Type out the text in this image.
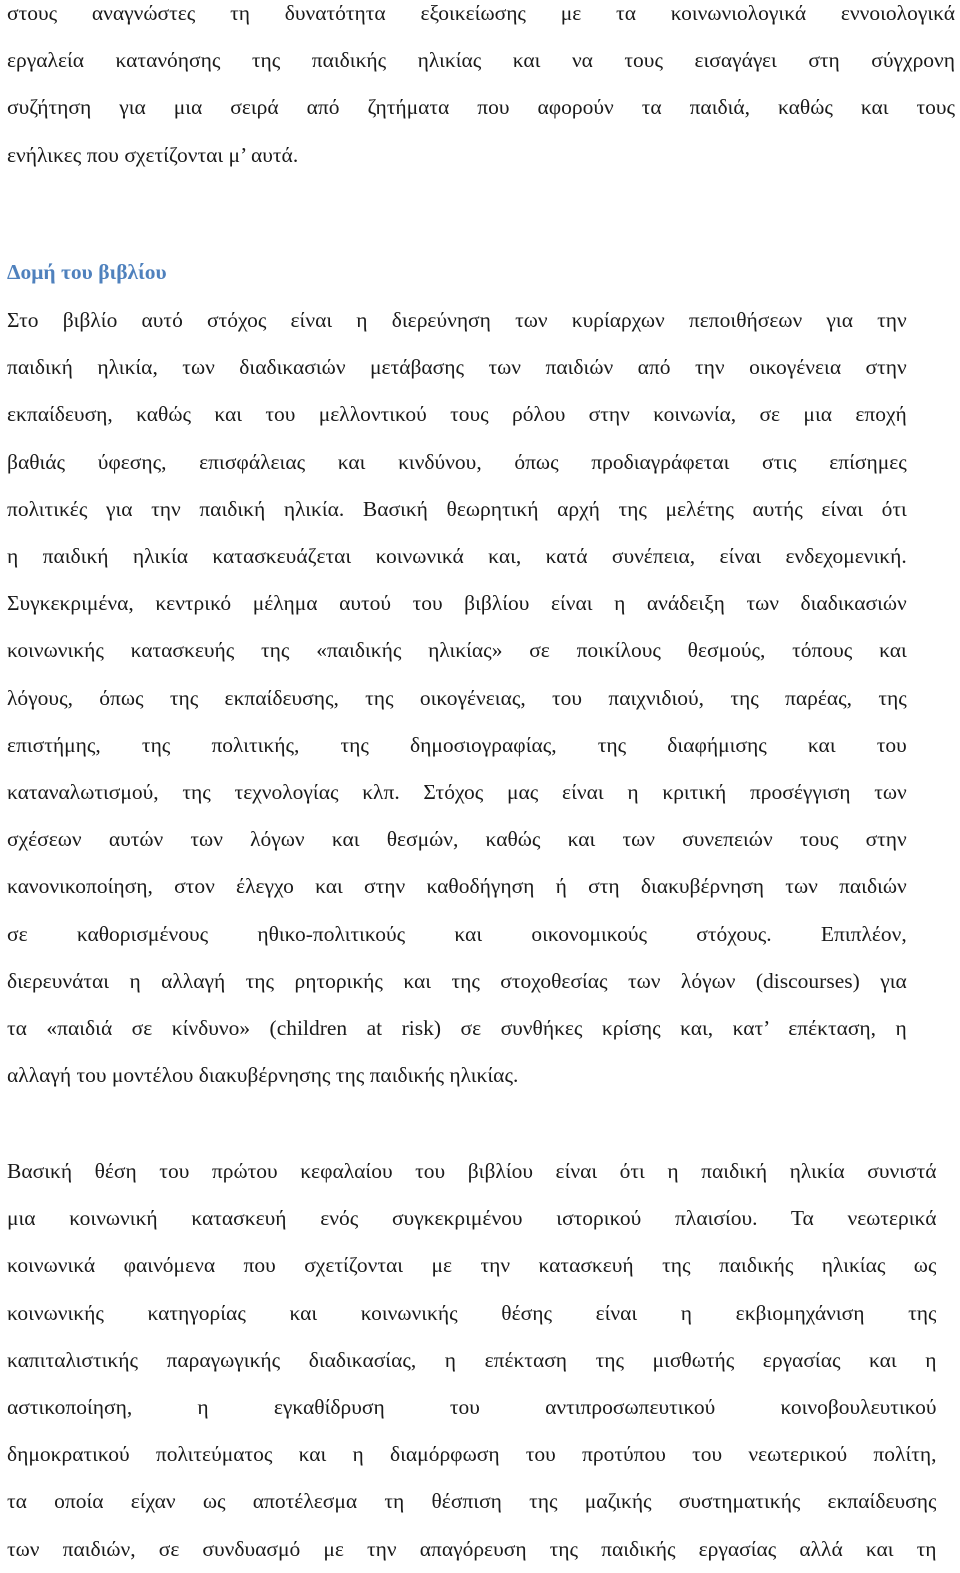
στους αναγνώστες τη δυνατότητα εξοικείωσης με τα κοινωνιολογικά εννοιολογικά
εργαλεία κατανόησης της παιδικής ηλικίας και να τους εισαγάγει στη σύγχρονη
συζήτηση για μια σειρά από ζητήματα που αφορούν τα παιδιά, καθώς και τους
ενήλικες που σχετίζονται μ’ αυτά.
Δομή του βιβλίου
Στο βιβλίο αυτό στόχος είναι η διερεύνηση των κυρίαρχων πεποιθήσεων για την
παιδική ηλικία, των διαδικασιών μετάβασης των παιδιών από την οικογένεια στην
εκπαίδευση, καθώς και του μελλοντικού τους ρόλου στην κοινωνία, σε μια εποχή
βαθιάς ύφεσης, επισφάλειας και κινδύνου, όπως προδιαγράφεται στις επίσημες
πολιτικές για την παιδική ηλικία. Βασική θεωρητική αρχή της μελέτης αυτής είναι ότι
η παιδική ηλικία κατασκευάζεται κοινωνικά και, κατά συνέπεια, είναι ενδεχομενική.
Συγκεκριμένα, κεντρικό μέλημα αυτού του βιβλίου είναι η ανάδειξη των διαδικασιών
κοινωνικής κατασκευής της «παιδικής ηλικίας» σε ποικίλους θεσμούς, τόπους και
λόγους, όπως της εκπαίδευσης, της οικογένειας, του παιχνιδιού, της παρέας, της
επιστήμης, της πολιτικής, της δημοσιογραφίας, της διαφήμισης και του
καταναλωτισμού, της τεχνολογίας κλπ. Στόχος μας είναι η κριτική προσέγγιση των
σχέσεων αυτών των λόγων και θεσμών, καθώς και των συνεπειών τους στην
κανονικοποίηση, στον έλεγχο και στην καθοδήγηση ή στη διακυβέρνηση των παιδιών
σε καθορισμένους ηθικο-πολιτικούς και οικονομικούς στόχους. Επιπλέον,
διερευνάται η αλλαγή της ρητορικής και της στοχοθεσίας των λόγων (discourses) για
τα «παιδιά σε κίνδυνο» (children at risk) σε συνθήκες κρίσης και, κατ’ επέκταση, η
αλλαγή του μοντέλου διακυβέρνησης της παιδικής ηλικίας.
Βασική θέση του πρώτου κεφαλαίου του βιβλίου είναι ότι η παιδική ηλικία συνιστά
μια κοινωνική κατασκευή ενός συγκεκριμένου ιστορικού πλαισίου. Τα νεωτερικά
κοινωνικά φαινόμενα που σχετίζονται με την κατασκευή της παιδικής ηλικίας ως
κοινωνικής κατηγορίας και κοινωνικής θέσης είναι η εκβιομηχάνιση της
καπιταλιστικής παραγωγικής διαδικασίας, η επέκταση της μισθωτής εργασίας και η
αστικοποίηση, η εγκαθίδρυση του αντιπροσωπευτικού κοινοβουλευτικού
δημοκρατικού πολιτεύματος και η διαμόρφωση του προτύπου του νεωτερικού πολίτη,
τα οποία είχαν ως αποτέλεσμα τη θέσπιση της μαζικής συστηματικής εκπαίδευσης
των παιδιών, σε συνδυασμό με την απαγόρευση της παιδικής εργασίας αλλά και τη
